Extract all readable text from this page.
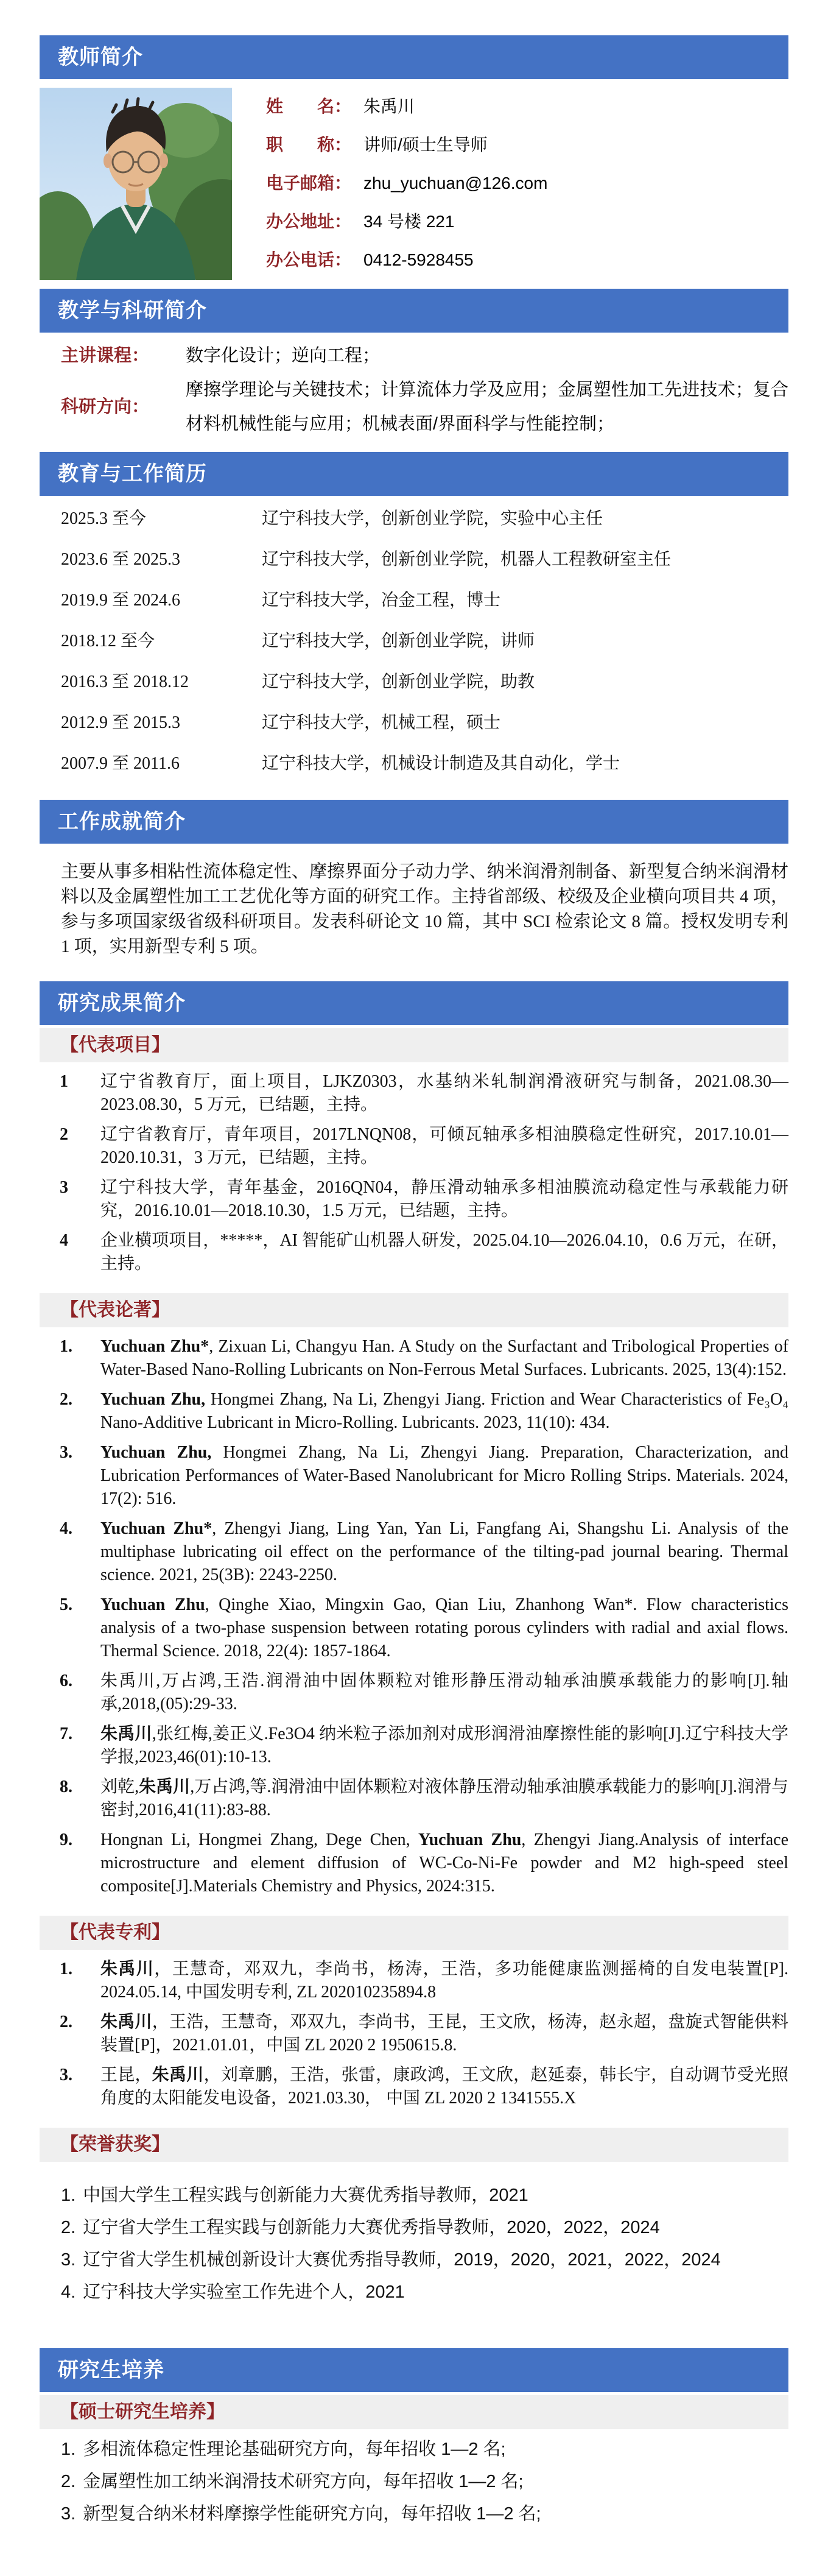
教师简介
姓　　名： 朱禹川
职　　称： 讲师/硕士生导师
电子邮箱： zhu_yuchuan@126.com
办公地址： 34 号楼 221
办公电话： 0412-5928455
教学与科研简介
主讲课程：	数字化设计；逆向工程；
科研方向：
摩擦学理论与关键技术；计算流体力学及应用；金属塑性加工先进技术；复合材料机械性能与应用；机械表面/界面科学与性能控制；
教育与工作简历
2025.3 至今	辽宁科技大学，创新创业学院，实验中心主任
2023.6 至 2025.3	辽宁科技大学，创新创业学院，机器人工程教研室主任
2019.9 至 2024.6	辽宁科技大学，冶金工程，博士
2018.12 至今	辽宁科技大学，创新创业学院，讲师
2016.3 至 2018.12	辽宁科技大学，创新创业学院，助教
2012.9 至 2015.3	辽宁科技大学，机械工程，硕士
2007.9 至 2011.6	辽宁科技大学，机械设计制造及其自动化，学士
工作成就简介

主要从事多相粘性流体稳定性、摩擦界面分子动力学、纳米润滑剂制备、新型复合纳米润滑材料以及金属塑性加工工艺优化等方面的研究工作。主持省部级、校级及企业横向项目共 4 项，参与多项国家级省级科研项目。发表科研论文 10 篇，其中 SCI 检索论文 8 篇。授权发明专利 1 项，实用新型专利 5 项。

研究成果简介
【代表项目】
1	辽宁省教育厅，面上项目，LJKZ0303，水基纳米轧制润滑液研究与制备，2021.08.30—2023.08.30，5 万元，已结题，主持。
2	辽宁省教育厅，青年项目，2017LNQN08，可倾瓦轴承多相油膜稳定性研究，2017.10.01—2020.10.31，3 万元，已结题，主持。
3	辽宁科技大学，青年基金，2016QN04，静压滑动轴承多相油膜流动稳定性与承载能力研究，2016.10.01—2018.10.30，1.5 万元，已结题，主持。
4	企业横项项目，*****，AI 智能矿山机器人研发，2025.04.10—2026.04.10，0.6 万元，在研，主持。
【代表论著】
1.	Yuchuan Zhu*, Zixuan Li, Changyu Han. A Study on the Surfactant and Tribological Properties of Water-Based Nano-Rolling Lubricants on Non-Ferrous Metal Surfaces. Lubricants. 2025, 13(4):152.
2.	Yuchuan Zhu, Hongmei Zhang, Na Li, Zhengyi Jiang. Friction and Wear Characteristics of Fe₃O₄ Nano-Additive Lubricant in Micro-Rolling. Lubricants. 2023, 11(10): 434.
3.	Yuchuan Zhu, Hongmei Zhang, Na Li, Zhengyi Jiang. Preparation, Characterization, and Lubrication Performances of Water-Based Nanolubricant for Micro Rolling Strips. Materials. 2024, 17(2): 516.
4.	Yuchuan Zhu*, Zhengyi Jiang, Ling Yan, Yan Li, Fangfang Ai, Shangshu Li. Analysis of the multiphase lubricating oil effect on the performance of the tilting-pad journal bearing. Thermal science. 2021, 25(3B): 2243-2250.
5.	Yuchuan Zhu, Qinghe Xiao, Mingxin Gao, Qian Liu, Zhanhong Wan*. Flow characteristics analysis of a two-phase suspension between rotating porous cylinders with radial and axial flows. Thermal Science. 2018, 22(4): 1857-1864.
6.	朱禹川,万占鸿,王浩.润滑油中固体颗粒对锥形静压滑动轴承油膜承载能力的影响[J].轴承,2018,(05):29-33.
7.	朱禹川,张红梅,姜正义.Fe3O4 纳米粒子添加剂对成形润滑油摩擦性能的影响[J].辽宁科技大学学报,2023,46(01):10-13.
8.	刘乾,朱禹川,万占鸿,等.润滑油中固体颗粒对液体静压滑动轴承油膜承载能力的影响[J].润滑与密封,2016,41(11):83-88.
9.	Hongnan Li, Hongmei Zhang, Dege Chen, Yuchuan Zhu, Zhengyi Jiang.Analysis of interface microstructure and element diffusion of WC-Co-Ni-Fe powder and M2 high-speed steel composite[J].Materials Chemistry and Physics, 2024:315.
【代表专利】
1.	朱禹川，王慧奇，邓双九，李尚书，杨涛，王浩，多功能健康监测摇椅的自发电装置[P]. 2024.05.14, 中国发明专利, ZL 202010235894.8
2.	朱禹川，王浩，王慧奇，邓双九，李尚书，王昆，王文欣，杨涛，赵永超，盘旋式智能供料装置[P]，2021.01.01，中国 ZL 2020 2 1950615.8.
3.	王昆，朱禹川，刘章鹏，王浩，张雷，康政鸿，王文欣，赵延泰，韩长宇，自动调节受光照角度的太阳能发电设备，2021.03.30， 中国 ZL 2020 2 1341555.X
【荣誉获奖】
1. 中国大学生工程实践与创新能力大赛优秀指导教师，2021
2. 辽宁省大学生工程实践与创新能力大赛优秀指导教师，2020，2022，2024
3. 辽宁省大学生机械创新设计大赛优秀指导教师，2019，2020，2021，2022，2024
4. 辽宁科技大学实验室工作先进个人，2021
研究生培养
【硕士研究生培养】
1. 多相流体稳定性理论基础研究方向，每年招收 1—2 名;
2. 金属塑性加工纳米润滑技术研究方向，每年招收 1—2 名;
3. 新型复合纳米材料摩擦学性能研究方向，每年招收 1—2 名;
